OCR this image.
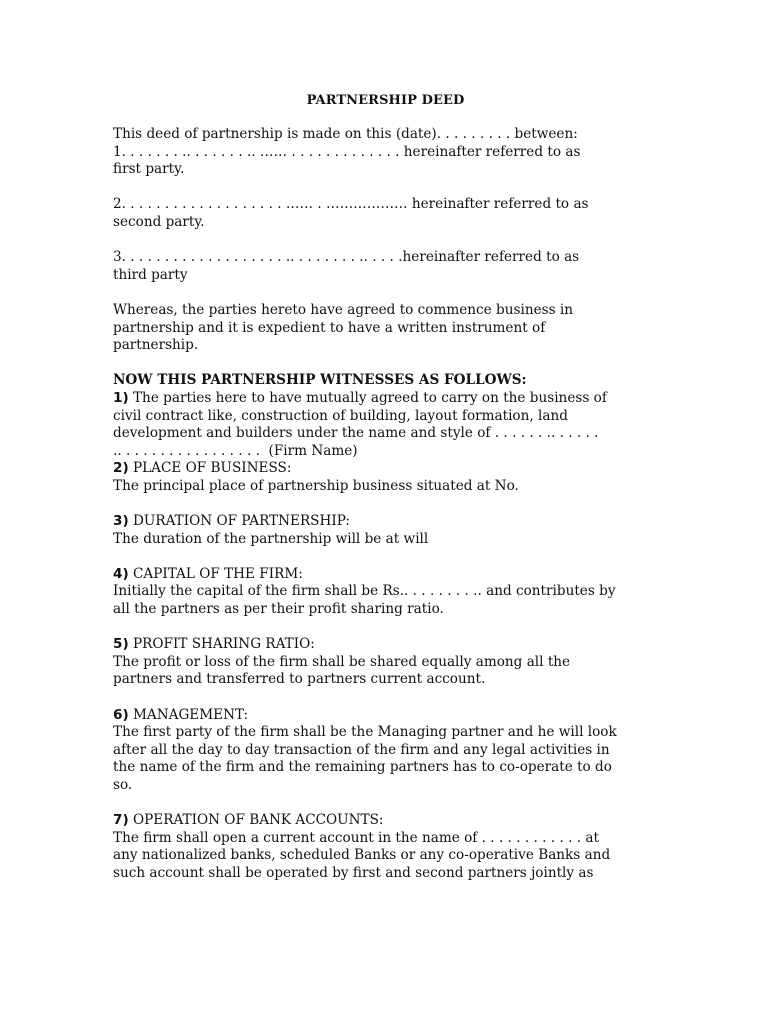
PARTNERSHIP DEED
This deed of partnership is made on this (date). . . . . . . . . between:
1. . . . . . . .. . . . . . . .. …… . . . . . . . . . . . . . hereinafter referred to as
first party.
2. . . . . . . . . . . . . . . . . . . …… . ……………… hereinafter referred to as
second party.
3. . . . . . . . . . . . . . . . . . . .. . . . . . . . .. . . . .hereinafter referred to as
third party
Whereas, the parties hereto have agreed to commence business in
partnership and it is expedient to have a written instrument of
partnership.
NOW THIS PARTNERSHIP WITNESSES AS FOLLOWS:
1) The parties here to have mutually agreed to carry on the business of
civil contract like, construction of building, layout formation, land
development and builders under the name and style of . . . . . . .. . . . . .
.. . . . . . . . . . . . . . . . .  (Firm Name)
2) PLACE OF BUSINESS:
The principal place of partnership business situated at No.
3) DURATION OF PARTNERSHIP:
The duration of the partnership will be at will
4) CAPITAL OF THE FIRM:
Initially the capital of the firm shall be Rs.. . . . . . . . .. and contributes by
all the partners as per their profit sharing ratio.
5) PROFIT SHARING RATIO:
The profit or loss of the firm shall be shared equally among all the
partners and transferred to partners current account.
6) MANAGEMENT:
The first party of the firm shall be the Managing partner and he will look
after all the day to day transaction of the firm and any legal activities in
the name of the firm and the remaining partners has to co-operate to do
so.
7) OPERATION OF BANK ACCOUNTS:
The firm shall open a current account in the name of . . . . . . . . . . . . at
any nationalized banks, scheduled Banks or any co-operative Banks and
such account shall be operated by first and second partners jointly as
